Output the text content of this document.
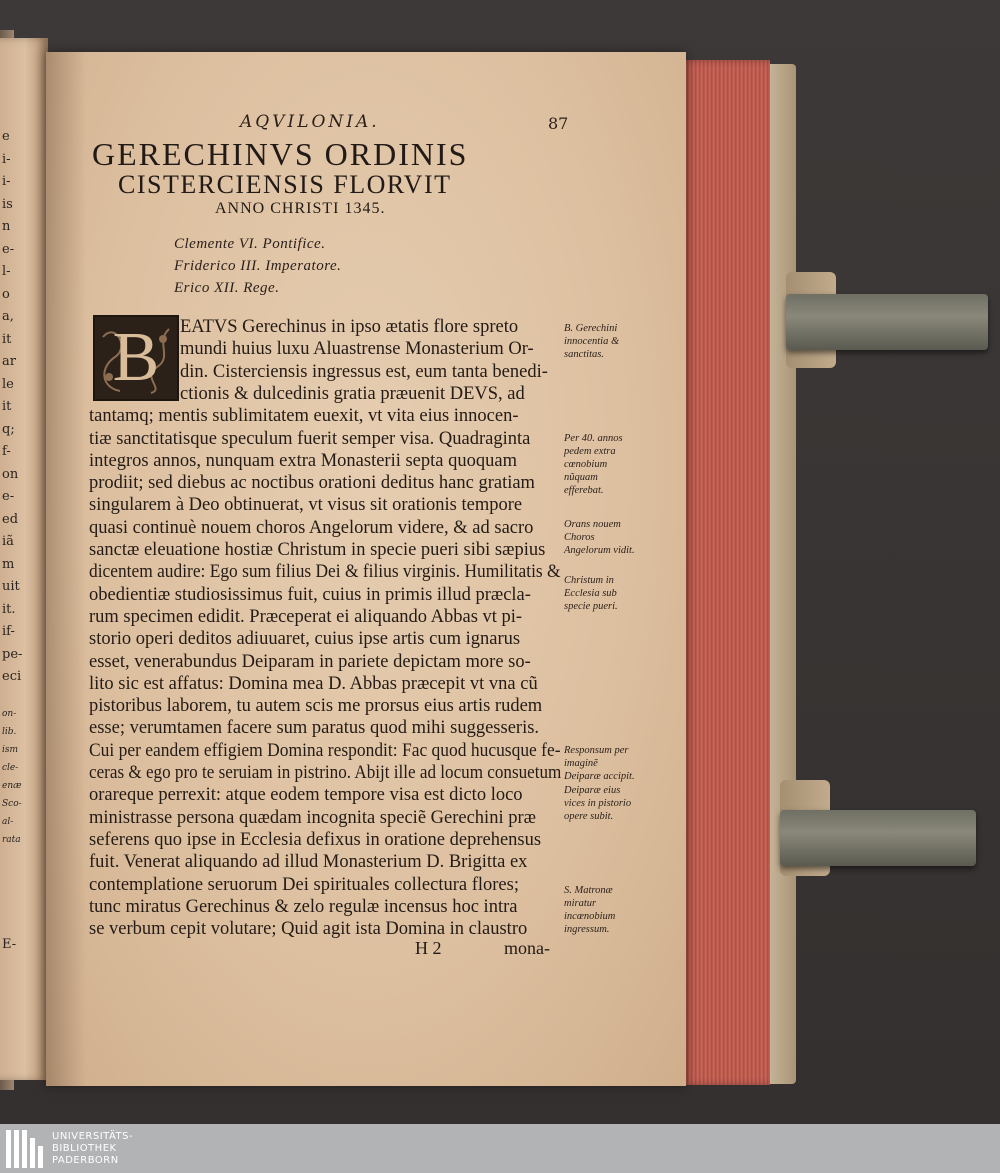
e
i-
i-
is
n
e-
l-
o
a,
it
ar
le
it
q;
f-
on
e-
ed
iã
m
uit
it.
if-
pe-
eci
on-
lib.
ism
cle-
enæ
Sco-
al-
rata
E-
AQVILONIA.	87
GERECHINVS ORDINIS
CISTERCIENSIS FLORVIT
ANNO CHRISTI 1345.
Clemente VI. Pontifice.
Friderico III. Imperatore.
Erico XII. Rege.
B	EATVS Gerechinus in ipso ætatis flore spreto
mundi huius luxu Aluastrense Monasterium Or-
din. Cisterciensis ingressus est, eum tanta benedi-
ctionis & dulcedinis gratia præuenit DEVS, ad
tantamq; mentis sublimitatem euexit, vt vita eius innocen-
tiæ sanctitatisque speculum fuerit semper visa. Quadraginta
integros annos, nunquam extra Monasterii septa quoquam
prodiit; sed diebus ac noctibus orationi deditus hanc gratiam
singularem à Deo obtinuerat, vt visus sit orationis tempore
quasi continuè nouem choros Angelorum videre, & ad sacro
sanctæ eleuatione hostiæ Christum in specie pueri sibi sæpius
dicentem audire: Ego sum filius Dei & filius virginis. Humilitatis &
obedientiæ studiosissimus fuit, cuius in primis illud præcla-
rum specimen edidit. Præceperat ei aliquando Abbas vt pi-
storio operi deditos adiuuaret, cuius ipse artis cum ignarus
esset, venerabundus Deiparam in pariete depictam more so-
lito sic est affatus: Domina mea D. Abbas præcepit vt vna cũ
pistoribus laborem, tu autem scis me prorsus eius artis rudem
esse; verumtamen facere sum paratus quod mihi suggesseris.
Cui per eandem effigiem Domina respondit: Fac quod hucusque fe-
ceras & ego pro te seruiam in pistrino. Abijt ille ad locum consuetum
orareque perrexit: atque eodem tempore visa est dicto loco
ministrasse persona quædam incognita speciẽ Gerechini præ
seferens quo ipse in Ecclesia defixus in oratione deprehensus
fuit. Venerat aliquando ad illud Monasterium D. Brigitta ex
contemplatione seruorum Dei spirituales collectura flores;
tunc miratus Gerechinus & zelo regulæ incensus hoc intra
se verbum cepit volutare; Quid agit ista Domina in claustro
B. Gerechini innocentia & sanctitas.
Per 40. annos pedem extra cœnobium nũquam efferebat.
Orans nouem Choros Angelorum vidit.
Christum in Ecclesia sub specie pueri.
Responsum per imaginẽ Deiparæ accipit.
Deiparæ eius vices in pistorio opere subit.
S. Matronæ miratur incœnobium ingressum.
H 2	mona-
UNIVERSITÄTS-
BIBLIOTHEK
PADERBORN
